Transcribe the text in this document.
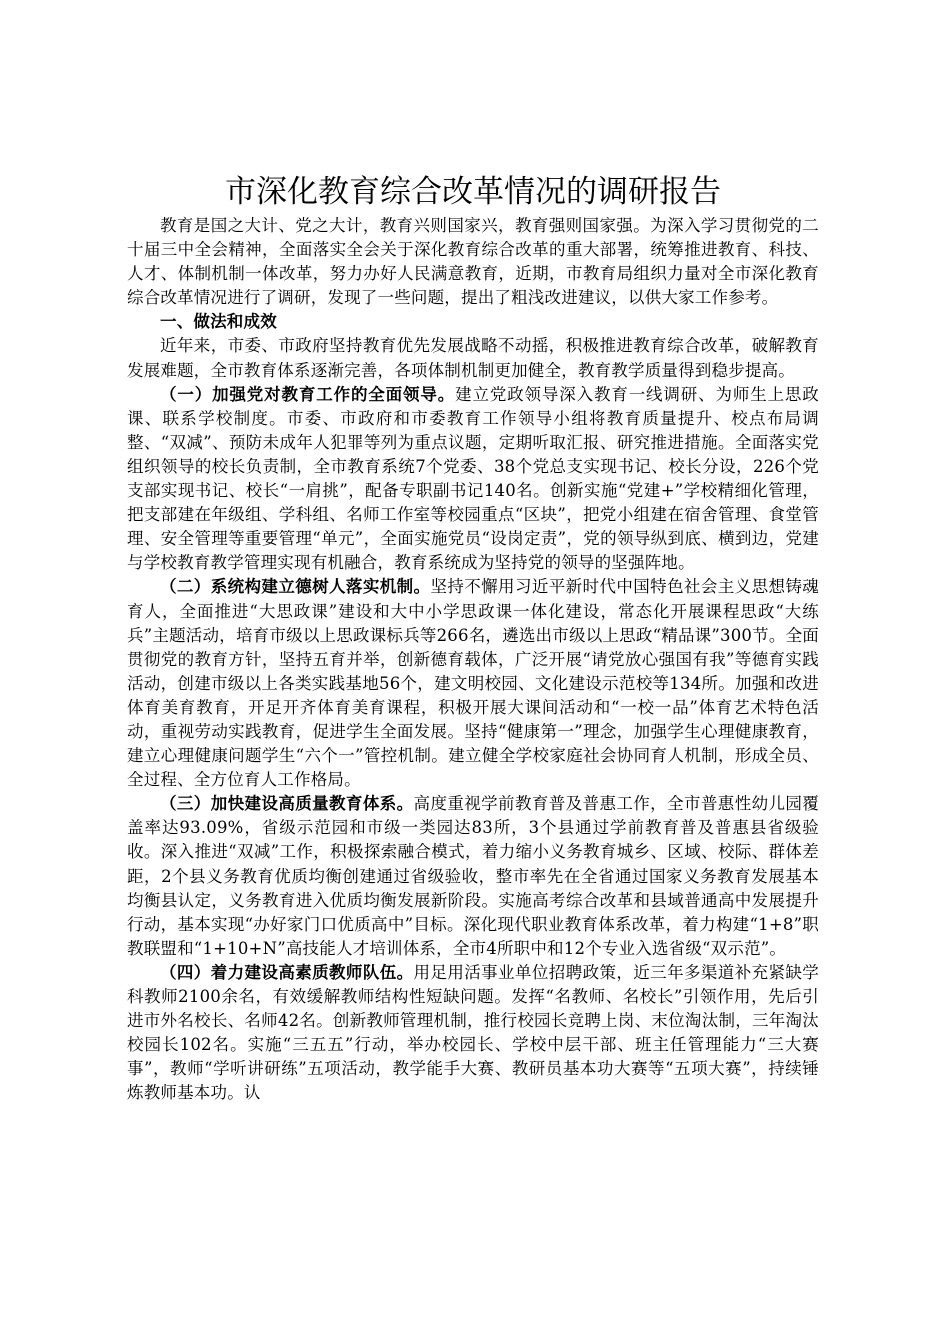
市深化教育综合改革情况的调研报告

教育是国之大计、党之大计，教育兴则国家兴，教育强则国家强。为深入学习贯彻党的二十届三中全会精神，全面落实全会关于深化教育综合改革的重大部署，统筹推进教育、科技、人才、体制机制一体改革，努力办好人民满意教育，近期，市教育局组织力量对全市深化教育综合改革情况进行了调研，发现了一些问题，提出了粗浅改进建议，以供大家工作参考。

一、做法和成效

近年来，市委、市政府坚持教育优先发展战略不动摇，积极推进教育综合改革，破解教育发展难题，全市教育体系逐渐完善，各项体制机制更加健全，教育教学质量得到稳步提高。

（一）加强党对教育工作的全面领导。建立党政领导深入教育一线调研、为师生上思政课、联系学校制度。市委、市政府和市委教育工作领导小组将教育质量提升、校点布局调整、“双减”、预防未成年人犯罪等列为重点议题，定期听取汇报、研究推进措施。全面落实党组织领导的校长负责制，全市教育系统7个党委、38个党总支实现书记、校长分设，226个党支部实现书记、校长“一肩挑”，配备专职副书记140名。创新实施“党建+”学校精细化管理，把支部建在年级组、学科组、名师工作室等校园重点“区块”，把党小组建在宿舍管理、食堂管理、安全管理等重要管理“单元”，全面实施党员“设岗定责”，党的领导纵到底、横到边，党建与学校教育教学管理实现有机融合，教育系统成为坚持党的领导的坚强阵地。

（二）系统构建立德树人落实机制。坚持不懈用习近平新时代中国特色社会主义思想铸魂育人，全面推进“大思政课”建设和大中小学思政课一体化建设，常态化开展课程思政“大练兵”主题活动，培育市级以上思政课标兵等266名，遴选出市级以上思政“精品课”300节。全面贯彻党的教育方针，坚持五育并举，创新德育载体，广泛开展“请党放心强国有我”等德育实践活动，创建市级以上各类实践基地56个，建文明校园、文化建设示范校等134所。加强和改进体育美育教育，开足开齐体育美育课程，积极开展大课间活动和“一校一品”体育艺术特色活动，重视劳动实践教育，促进学生全面发展。坚持“健康第一”理念，加强学生心理健康教育，建立心理健康问题学生“六个一”管控机制。建立健全学校家庭社会协同育人机制，形成全员、全过程、全方位育人工作格局。

（三）加快建设高质量教育体系。高度重视学前教育普及普惠工作，全市普惠性幼儿园覆盖率达93.09%，省级示范园和市级一类园达83所，3个县通过学前教育普及普惠县省级验收。深入推进“双减”工作，积极探索融合模式，着力缩小义务教育城乡、区域、校际、群体差距，2个县义务教育优质均衡创建通过省级验收，整市率先在全省通过国家义务教育发展基本均衡县认定，义务教育进入优质均衡发展新阶段。实施高考综合改革和县域普通高中发展提升行动，基本实现“办好家门口优质高中”目标。深化现代职业教育体系改革，着力构建“1+8”职教联盟和“1+10+N”高技能人才培训体系，全市4所职中和12个专业入选省级“双示范”。

（四）着力建设高素质教师队伍。用足用活事业单位招聘政策，近三年多渠道补充紧缺学科教师2100余名，有效缓解教师结构性短缺问题。发挥“名教师、名校长”引领作用，先后引进市外名校长、名师42名。创新教师管理机制，推行校园长竞聘上岗、末位淘汰制，三年淘汰校园长102名。实施“三五五”行动，举办校园长、学校中层干部、班主任管理能力“三大赛事”，教师“学听讲研练”五项活动，教学能手大赛、教研员基本功大赛等“五项大赛”，持续锤炼教师基本功。认
